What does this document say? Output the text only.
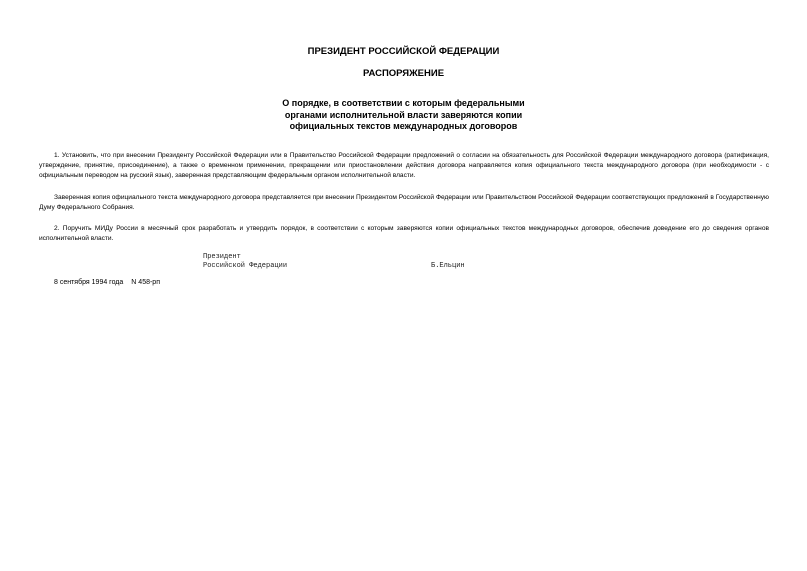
ПРЕЗИДЕНТ РОССИЙСКОЙ ФЕДЕРАЦИИ
РАСПОРЯЖЕНИЕ
О порядке, в соответствии с которым федеральными
органами исполнительной власти заверяются копии
официальных текстов международных договоров

1. Установить, что при внесении Президенту Российской Федерации или в Правительство Российской Федерации предложений о согласии на обязательность для Российской Федерации международного договора (ратификация, утверждение, принятие, присоединение), а также о временном применении, прекращении или приостановлении действия договора направляется копия официального текста международного договора (при необходимости - с официальным переводом на русский язык), заверенная представляющим федеральным органом исполнительной власти.

Заверенная копия официального текста международного договора представляется при внесении Президентом Российской Федерации или Правительством Российской Федерации соответствующих предложений в Государственную Думу Федерального Собрания.

2. Поручить МИДу России в месячный срок разработать и утвердить порядок, в соответствии с которым заверяются копии официальных текстов международных договоров, обеспечив доведение его до сведения органов исполнительной власти.

Президент
Российской Федерации	Б.Ельцин
8 сентября 1994 года N 458-рп
